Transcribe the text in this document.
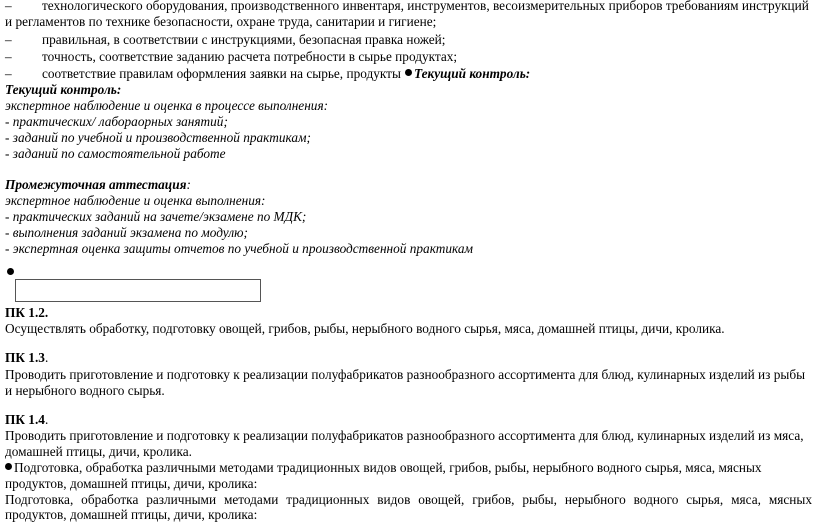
– технологического оборудования, производственного инвентаря, инструментов, весоизмерительных приборов требованиям инструкций
и регламентов по технике безопасности, охране труда, санитарии и гигиене;
– правильная, в соответствии с инструкциями, безопасная правка ножей;
– точность, соответствие заданию расчета потребности в сырье продуктах;
– соответствие правилам оформления заявки на сырье, продукты Текущий контроль:
Текущий контроль:
экспертное наблюдение и оценка в процессе выполнения:
- практических/ лабораорных занятий;
- заданий по учебной и производственной практикам;
- заданий по самостоятельной работе
Промежуточная аттестация:
экспертное наблюдение и оценка выполнения:
- практических заданий на зачете/экзамене по МДК;
- выполнения заданий экзамена по модулю;
- экспертная оценка защиты отчетов по учебной и производственной практикам
ПК 1.2.
Осуществлять обработку, подготовку овощей, грибов, рыбы, нерыбного водного сырья, мяса, домашней птицы, дичи, кролика.
ПК 1.3.
Проводить приготовление и подготовку к реализации полуфабрикатов разнообразного ассортимента для блюд, кулинарных изделий из рыбы
и нерыбного водного сырья.
ПК 1.4.
Проводить приготовление и подготовку к реализации полуфабрикатов разнообразного ассортимента для блюд, кулинарных изделий из мяса,
домашней птицы, дичи, кролика.
Подготовка, обработка различными методами традиционных видов овощей, грибов, рыбы, нерыбного водного сырья, мяса, мясных
продуктов, домашней птицы, дичи, кролика:
Подготовка, обработка различными методами традиционных видов овощей, грибов, рыбы, нерыбного водного сырья, мяса, мясных
продуктов, домашней птицы, дичи, кролика:
